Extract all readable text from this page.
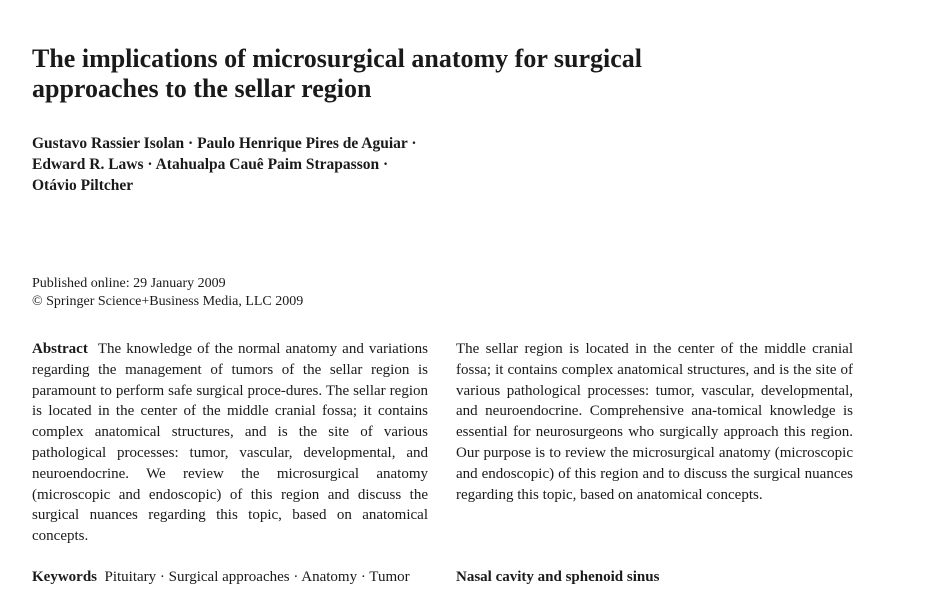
The implications of microsurgical anatomy for surgical
approaches to the sellar region
Gustavo Rassier Isolan · Paulo Henrique Pires de Aguiar ·
Edward R. Laws · Atahualpa Cauê Paim Strapasson ·
Otávio Piltcher
Published online: 29 January 2009
© Springer Science+Business Media, LLC 2009

Abstract The knowledge of the normal anatomy and variations regarding the management of tumors of the sellar region is paramount to perform safe surgical proce-dures. The sellar region is located in the center of the middle cranial fossa; it contains complex anatomical structures, and is the site of various pathological processes: tumor, vascular, developmental, and neuroendocrine. We review the microsurgical anatomy (microscopic and endoscopic) of this region and discuss the surgical nuances regarding this topic, based on anatomical concepts.

Keywords Pituitary · Surgical approaches · Anatomy · Tumor

The sellar region is located in the center of the middle cranial fossa; it contains complex anatomical structures, and is the site of various pathological processes: tumor, vascular, developmental, and neuroendocrine. Comprehensive ana-tomical knowledge is essential for neurosurgeons who surgically approach this region. Our purpose is to review the microsurgical anatomy (microscopic and endoscopic) of this region and to discuss the surgical nuances regarding this topic, based on anatomical concepts.

Nasal cavity and sphenoid sinus
